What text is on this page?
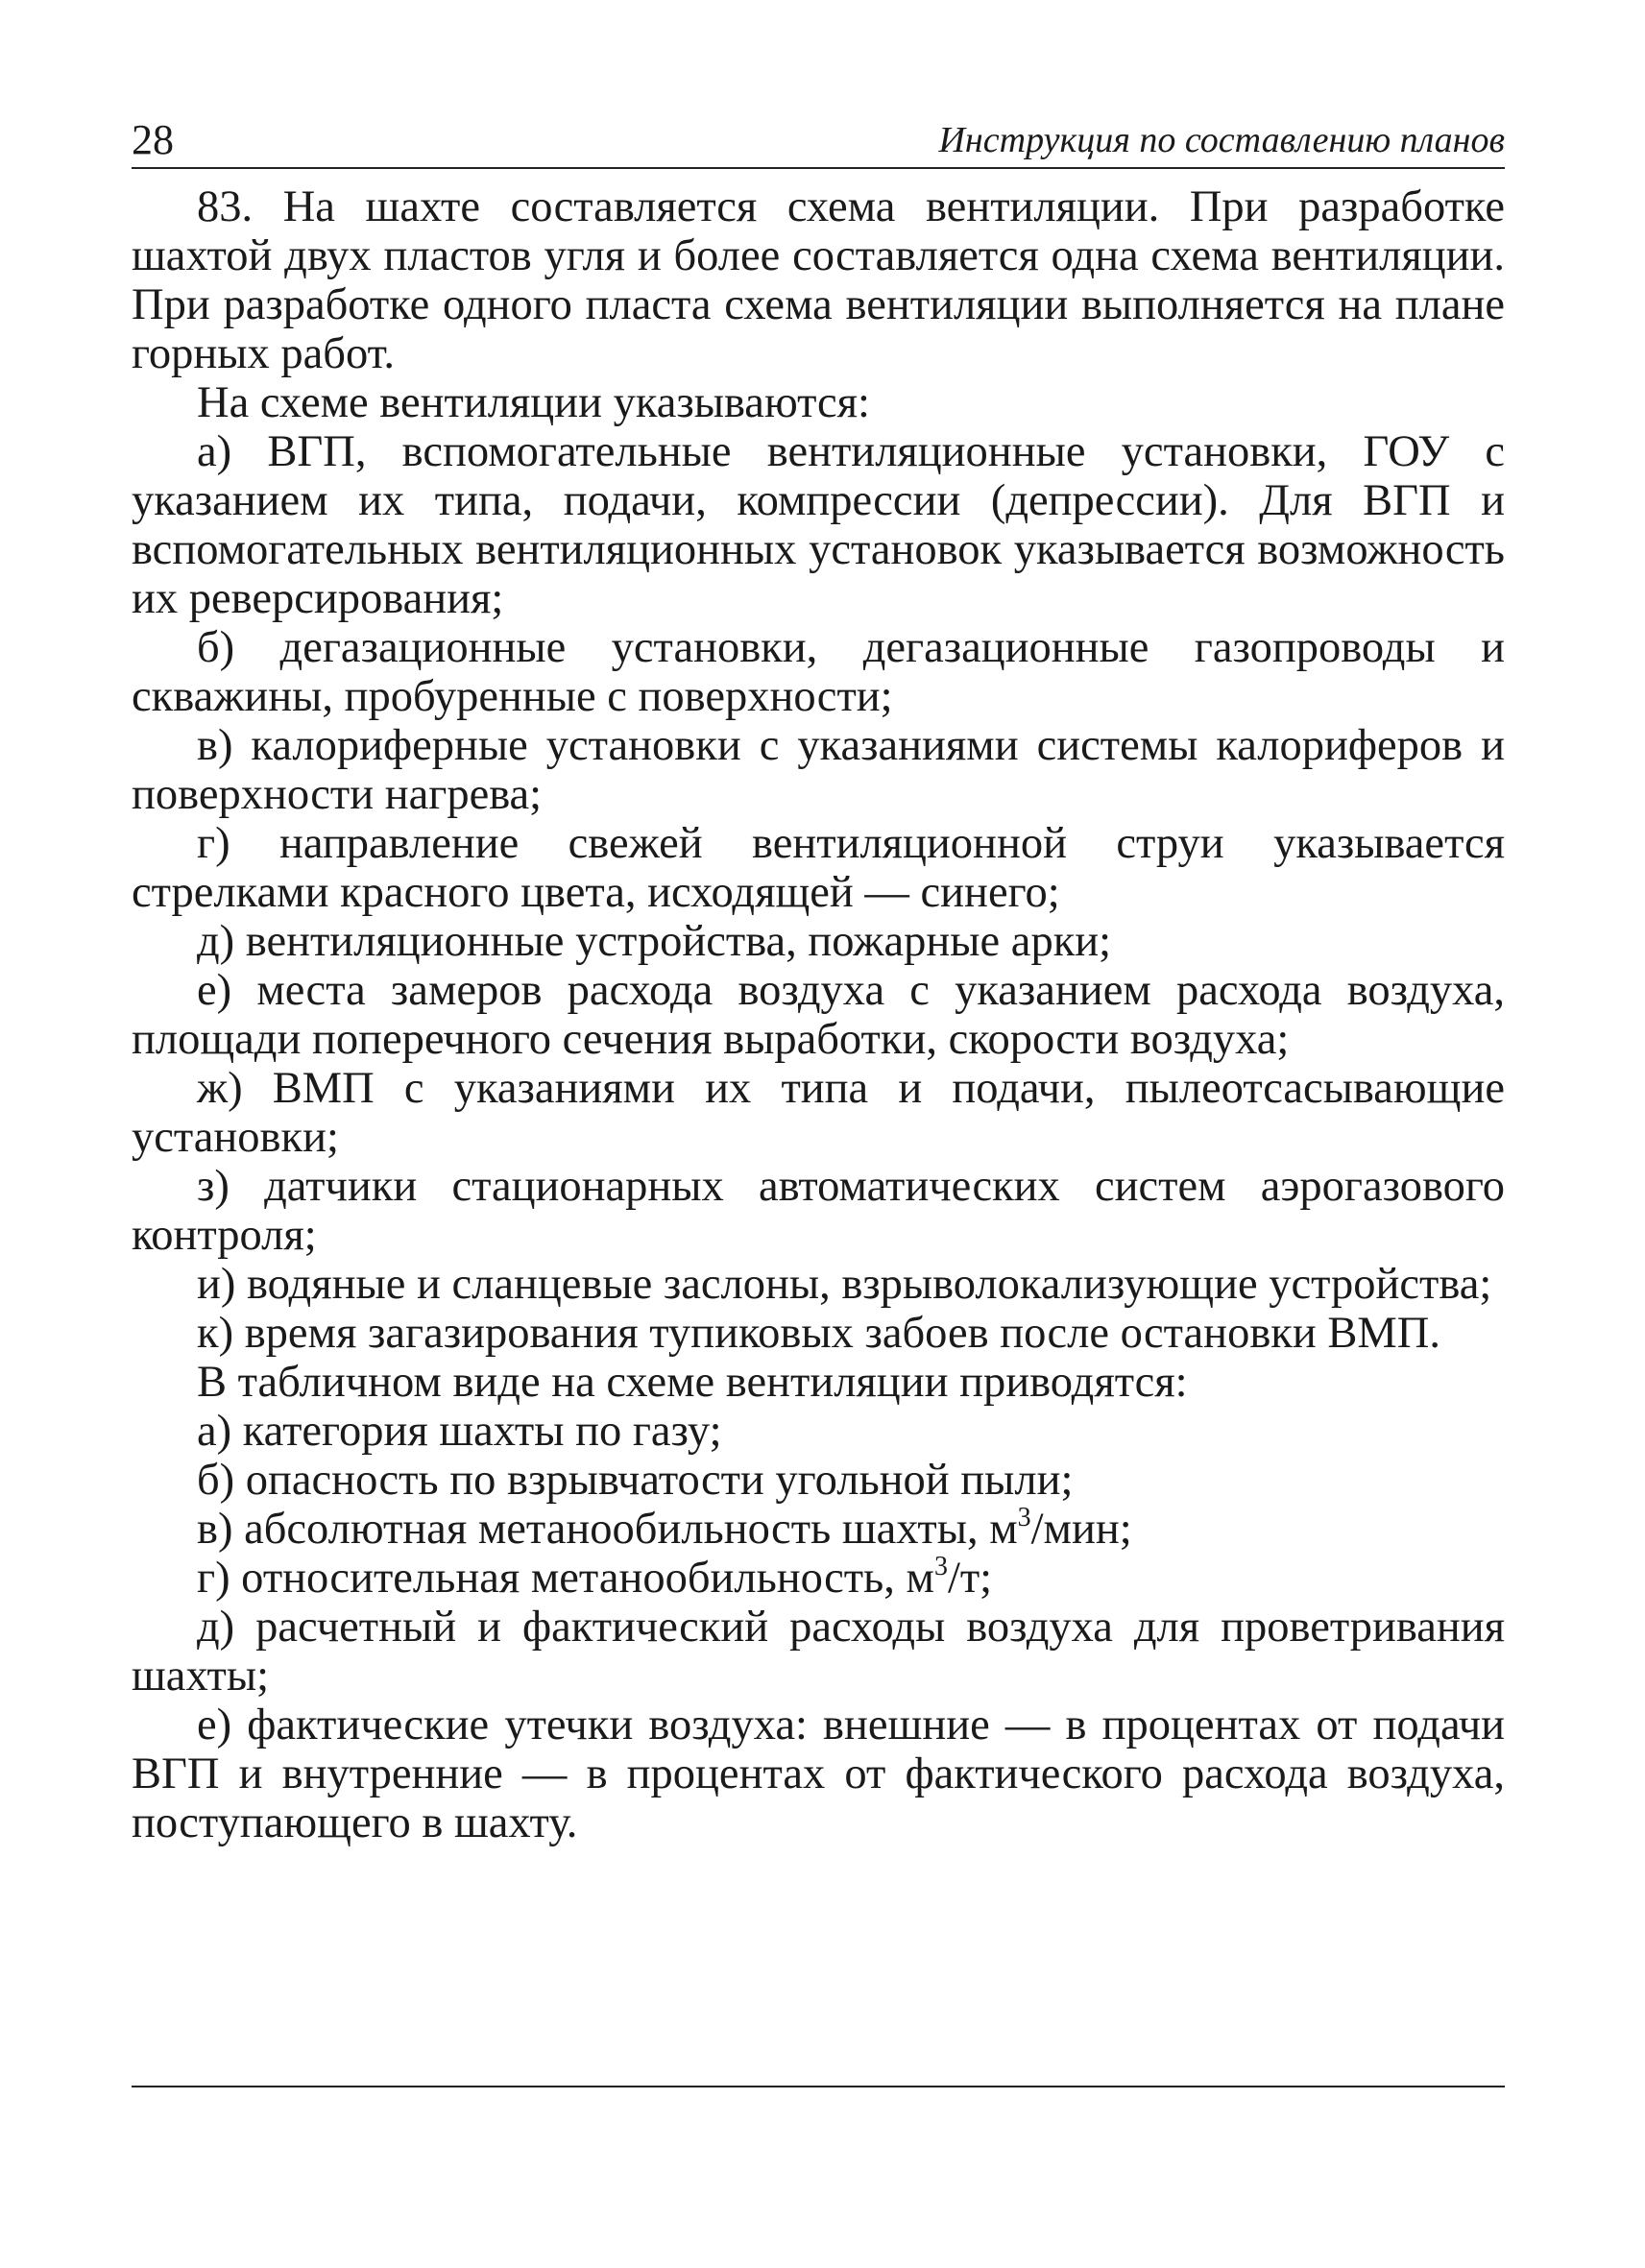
28	Инструкция по составлению планов

83. На шахте составляется схема вентиляции. При разработке шахтой двух пластов угля и более составляется одна схема вентиляции. При разработке одного пласта схема вентиляции выполняется на плане горных работ.

На схеме вентиляции указываются:

а) ВГП, вспомогательные вентиляционные установки, ГОУ с указанием их типа, подачи, компрессии (депрессии). Для ВГП и вспомогательных вентиляционных установок указывается возможность их реверсирования;

б) дегазационные установки, дегазационные газопроводы и скважины, пробуренные с поверхности;

в) калориферные установки с указаниями системы калориферов и поверхности нагрева;

г) направление свежей вентиляционной струи указывается стрелками красного цвета, исходящей — синего;

д) вентиляционные устройства, пожарные арки;

е) места замеров расхода воздуха с указанием расхода воздуха, площади поперечного сечения выработки, скорости воздуха;

ж) ВМП с указаниями их типа и подачи, пылеотсасывающие установки;

з) датчики стационарных автоматических систем аэрогазового контроля;

и) водяные и сланцевые заслоны, взрыволокализующие устройства;

к) время загазирования тупиковых забоев после остановки ВМП.

В табличном виде на схеме вентиляции приводятся:

а) категория шахты по газу;

б) опасность по взрывчатости угольной пыли;

в) абсолютная метанообильность шахты, $м^3$/мин;

г) относительная метанообильность, $м^3/т$;

д) расчетный и фактический расходы воздуха для проветривания шахты;

е) фактические утечки воздуха: внешние — в процентах от подачи ВГП и внутренние — в процентах от фактического расхода воздуха, поступающего в шахту.
